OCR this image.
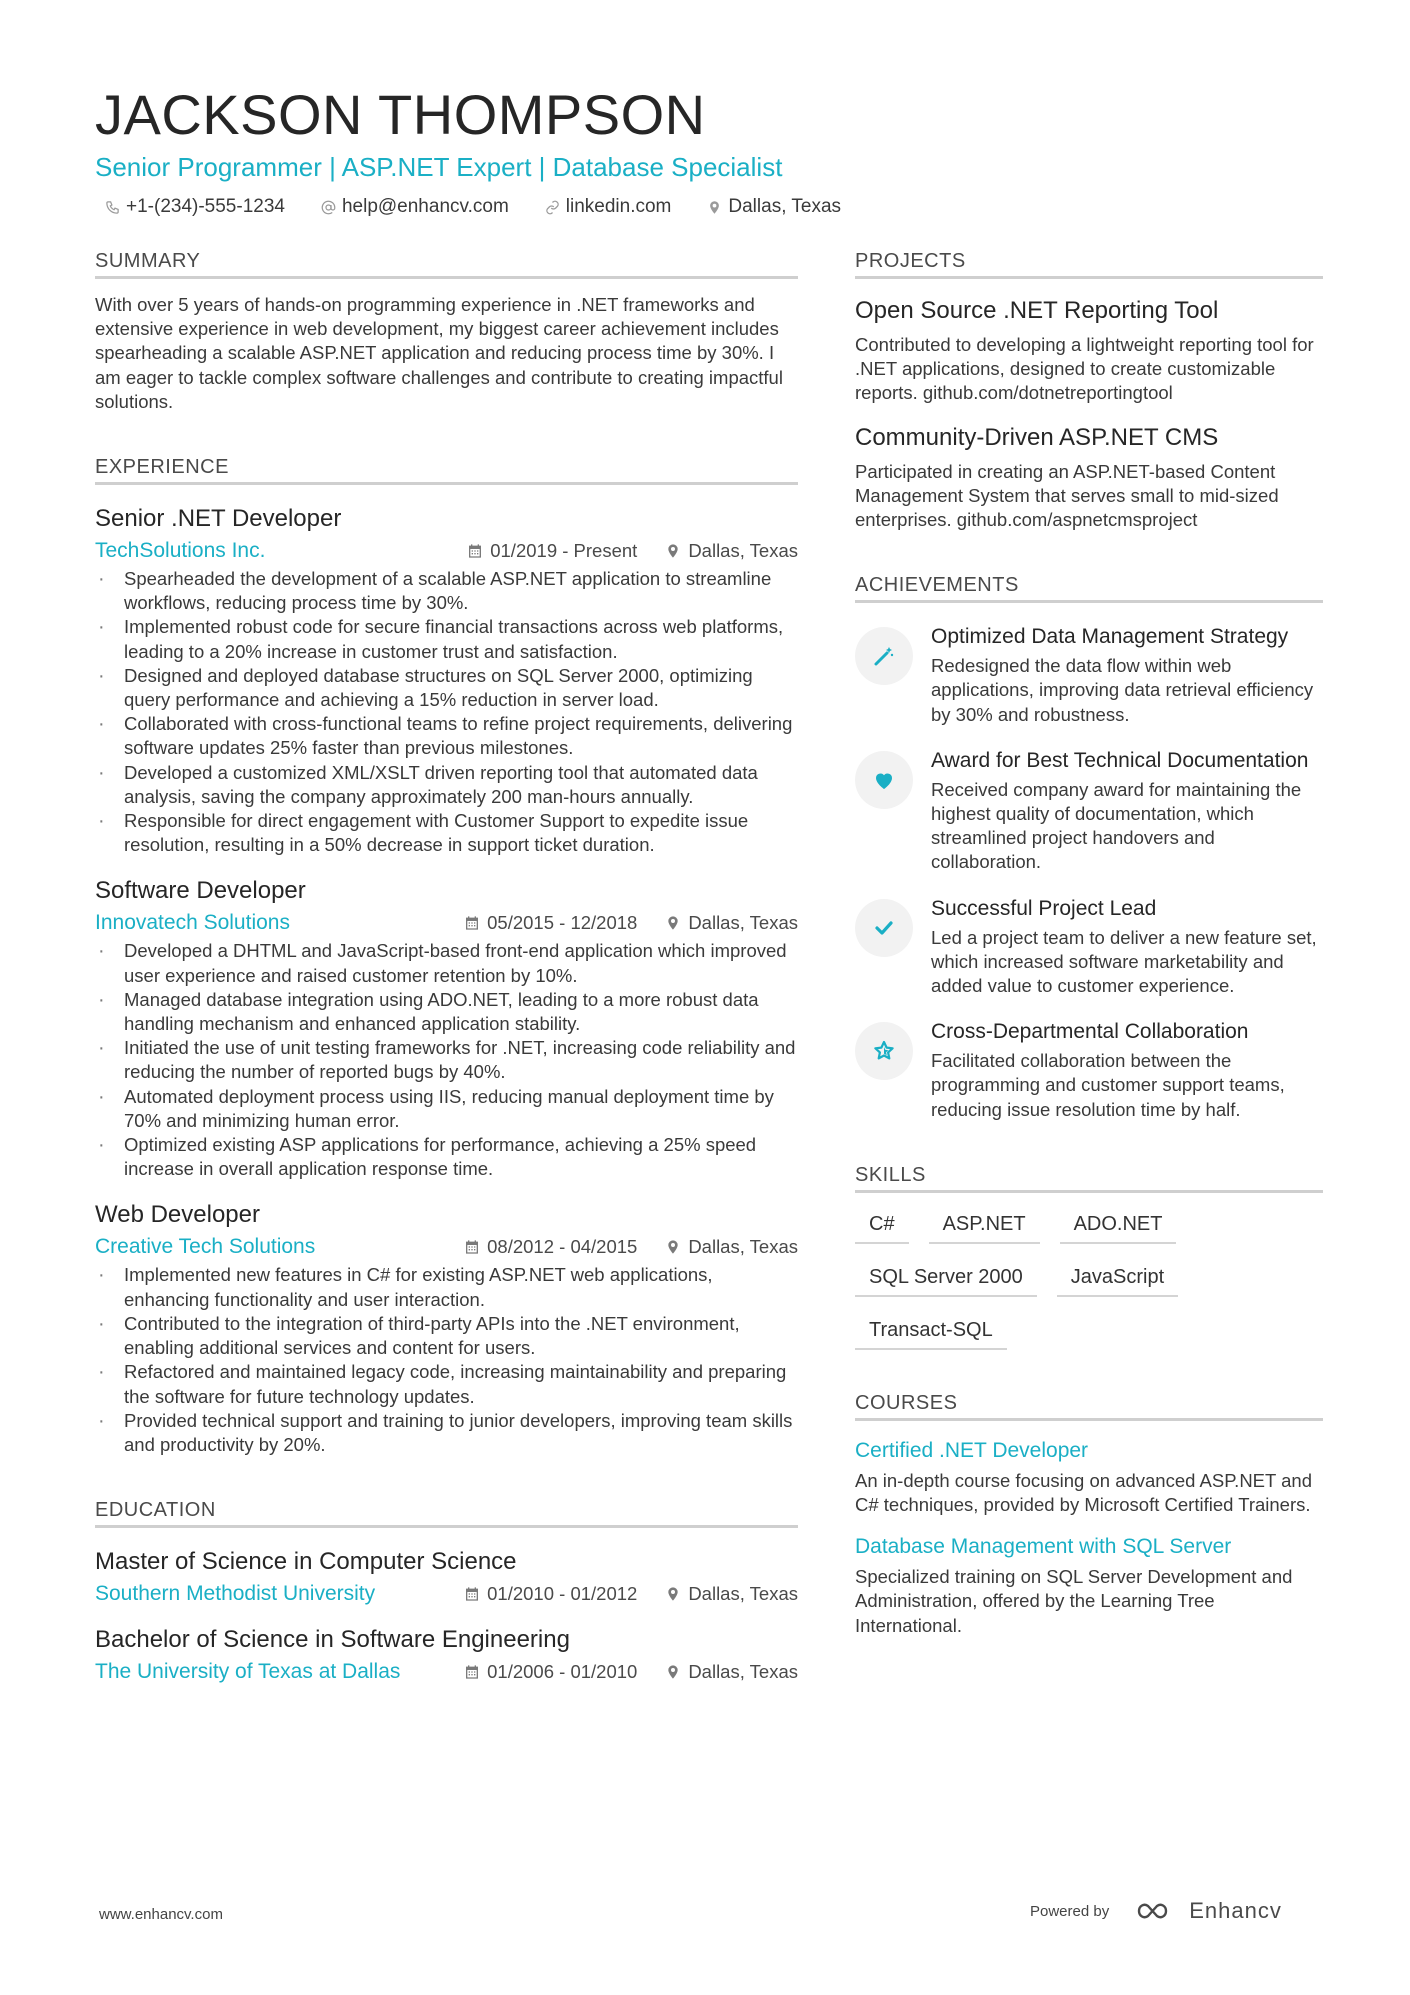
JACKSON THOMPSON
Senior Programmer | ASP.NET Expert | Database Specialist
+1-(234)-555-1234	help@enhancv.com	linkedin.com	Dallas, Texas
SUMMARY
With over 5 years of hands-on programming experience in .NET frameworks and extensive experience in web development, my biggest career achievement includes spearheading a scalable ASP.NET application and reducing process time by 30%. I am eager to tackle complex software challenges and contribute to creating impactful solutions.
EXPERIENCE
Senior .NET Developer
TechSolutions Inc.	01/2019 - Present	Dallas, Texas
· Spearheaded the development of a scalable ASP.NET application to streamline workflows, reducing process time by 30%.
· Implemented robust code for secure financial transactions across web platforms, leading to a 20% increase in customer trust and satisfaction.
· Designed and deployed database structures on SQL Server 2000, optimizing query performance and achieving a 15% reduction in server load.
· Collaborated with cross-functional teams to refine project requirements, delivering software updates 25% faster than previous milestones.
· Developed a customized XML/XSLT driven reporting tool that automated data analysis, saving the company approximately 200 man-hours annually.
· Responsible for direct engagement with Customer Support to expedite issue resolution, resulting in a 50% decrease in support ticket duration.
Software Developer
Innovatech Solutions	05/2015 - 12/2018	Dallas, Texas
· Developed a DHTML and JavaScript-based front-end application which improved user experience and raised customer retention by 10%.
· Managed database integration using ADO.NET, leading to a more robust data handling mechanism and enhanced application stability.
· Initiated the use of unit testing frameworks for .NET, increasing code reliability and reducing the number of reported bugs by 40%.
· Automated deployment process using IIS, reducing manual deployment time by 70% and minimizing human error.
· Optimized existing ASP applications for performance, achieving a 25% speed increase in overall application response time.
Web Developer
Creative Tech Solutions	08/2012 - 04/2015	Dallas, Texas
· Implemented new features in C# for existing ASP.NET web applications, enhancing functionality and user interaction.
· Contributed to the integration of third-party APIs into the .NET environment, enabling additional services and content for users.
· Refactored and maintained legacy code, increasing maintainability and preparing the software for future technology updates.
· Provided technical support and training to junior developers, improving team skills and productivity by 20%.
EDUCATION
Master of Science in Computer Science
Southern Methodist University	01/2010 - 01/2012	Dallas, Texas
Bachelor of Science in Software Engineering
The University of Texas at Dallas	01/2006 - 01/2010	Dallas, Texas
PROJECTS
Open Source .NET Reporting Tool
Contributed to developing a lightweight reporting tool for .NET applications, designed to create customizable reports. github.com/dotnetreportingtool
Community-Driven ASP.NET CMS
Participated in creating an ASP.NET-based Content Management System that serves small to mid-sized enterprises. github.com/aspnetcmsproject
ACHIEVEMENTS
Optimized Data Management Strategy
Redesigned the data flow within web applications, improving data retrieval efficiency by 30% and robustness.
Award for Best Technical Documentation
Received company award for maintaining the highest quality of documentation, which streamlined project handovers and collaboration.
Successful Project Lead
Led a project team to deliver a new feature set, which increased software marketability and added value to customer experience.
Cross-Departmental Collaboration
Facilitated collaboration between the programming and customer support teams, reducing issue resolution time by half.
SKILLS
C#	ASP.NET	ADO.NET
SQL Server 2000	JavaScript
Transact-SQL
COURSES
Certified .NET Developer
An in-depth course focusing on advanced ASP.NET and C# techniques, provided by Microsoft Certified Trainers.
Database Management with SQL Server
Specialized training on SQL Server Development and Administration, offered by the Learning Tree International.
www.enhancv.com	Powered by	Enhancv
